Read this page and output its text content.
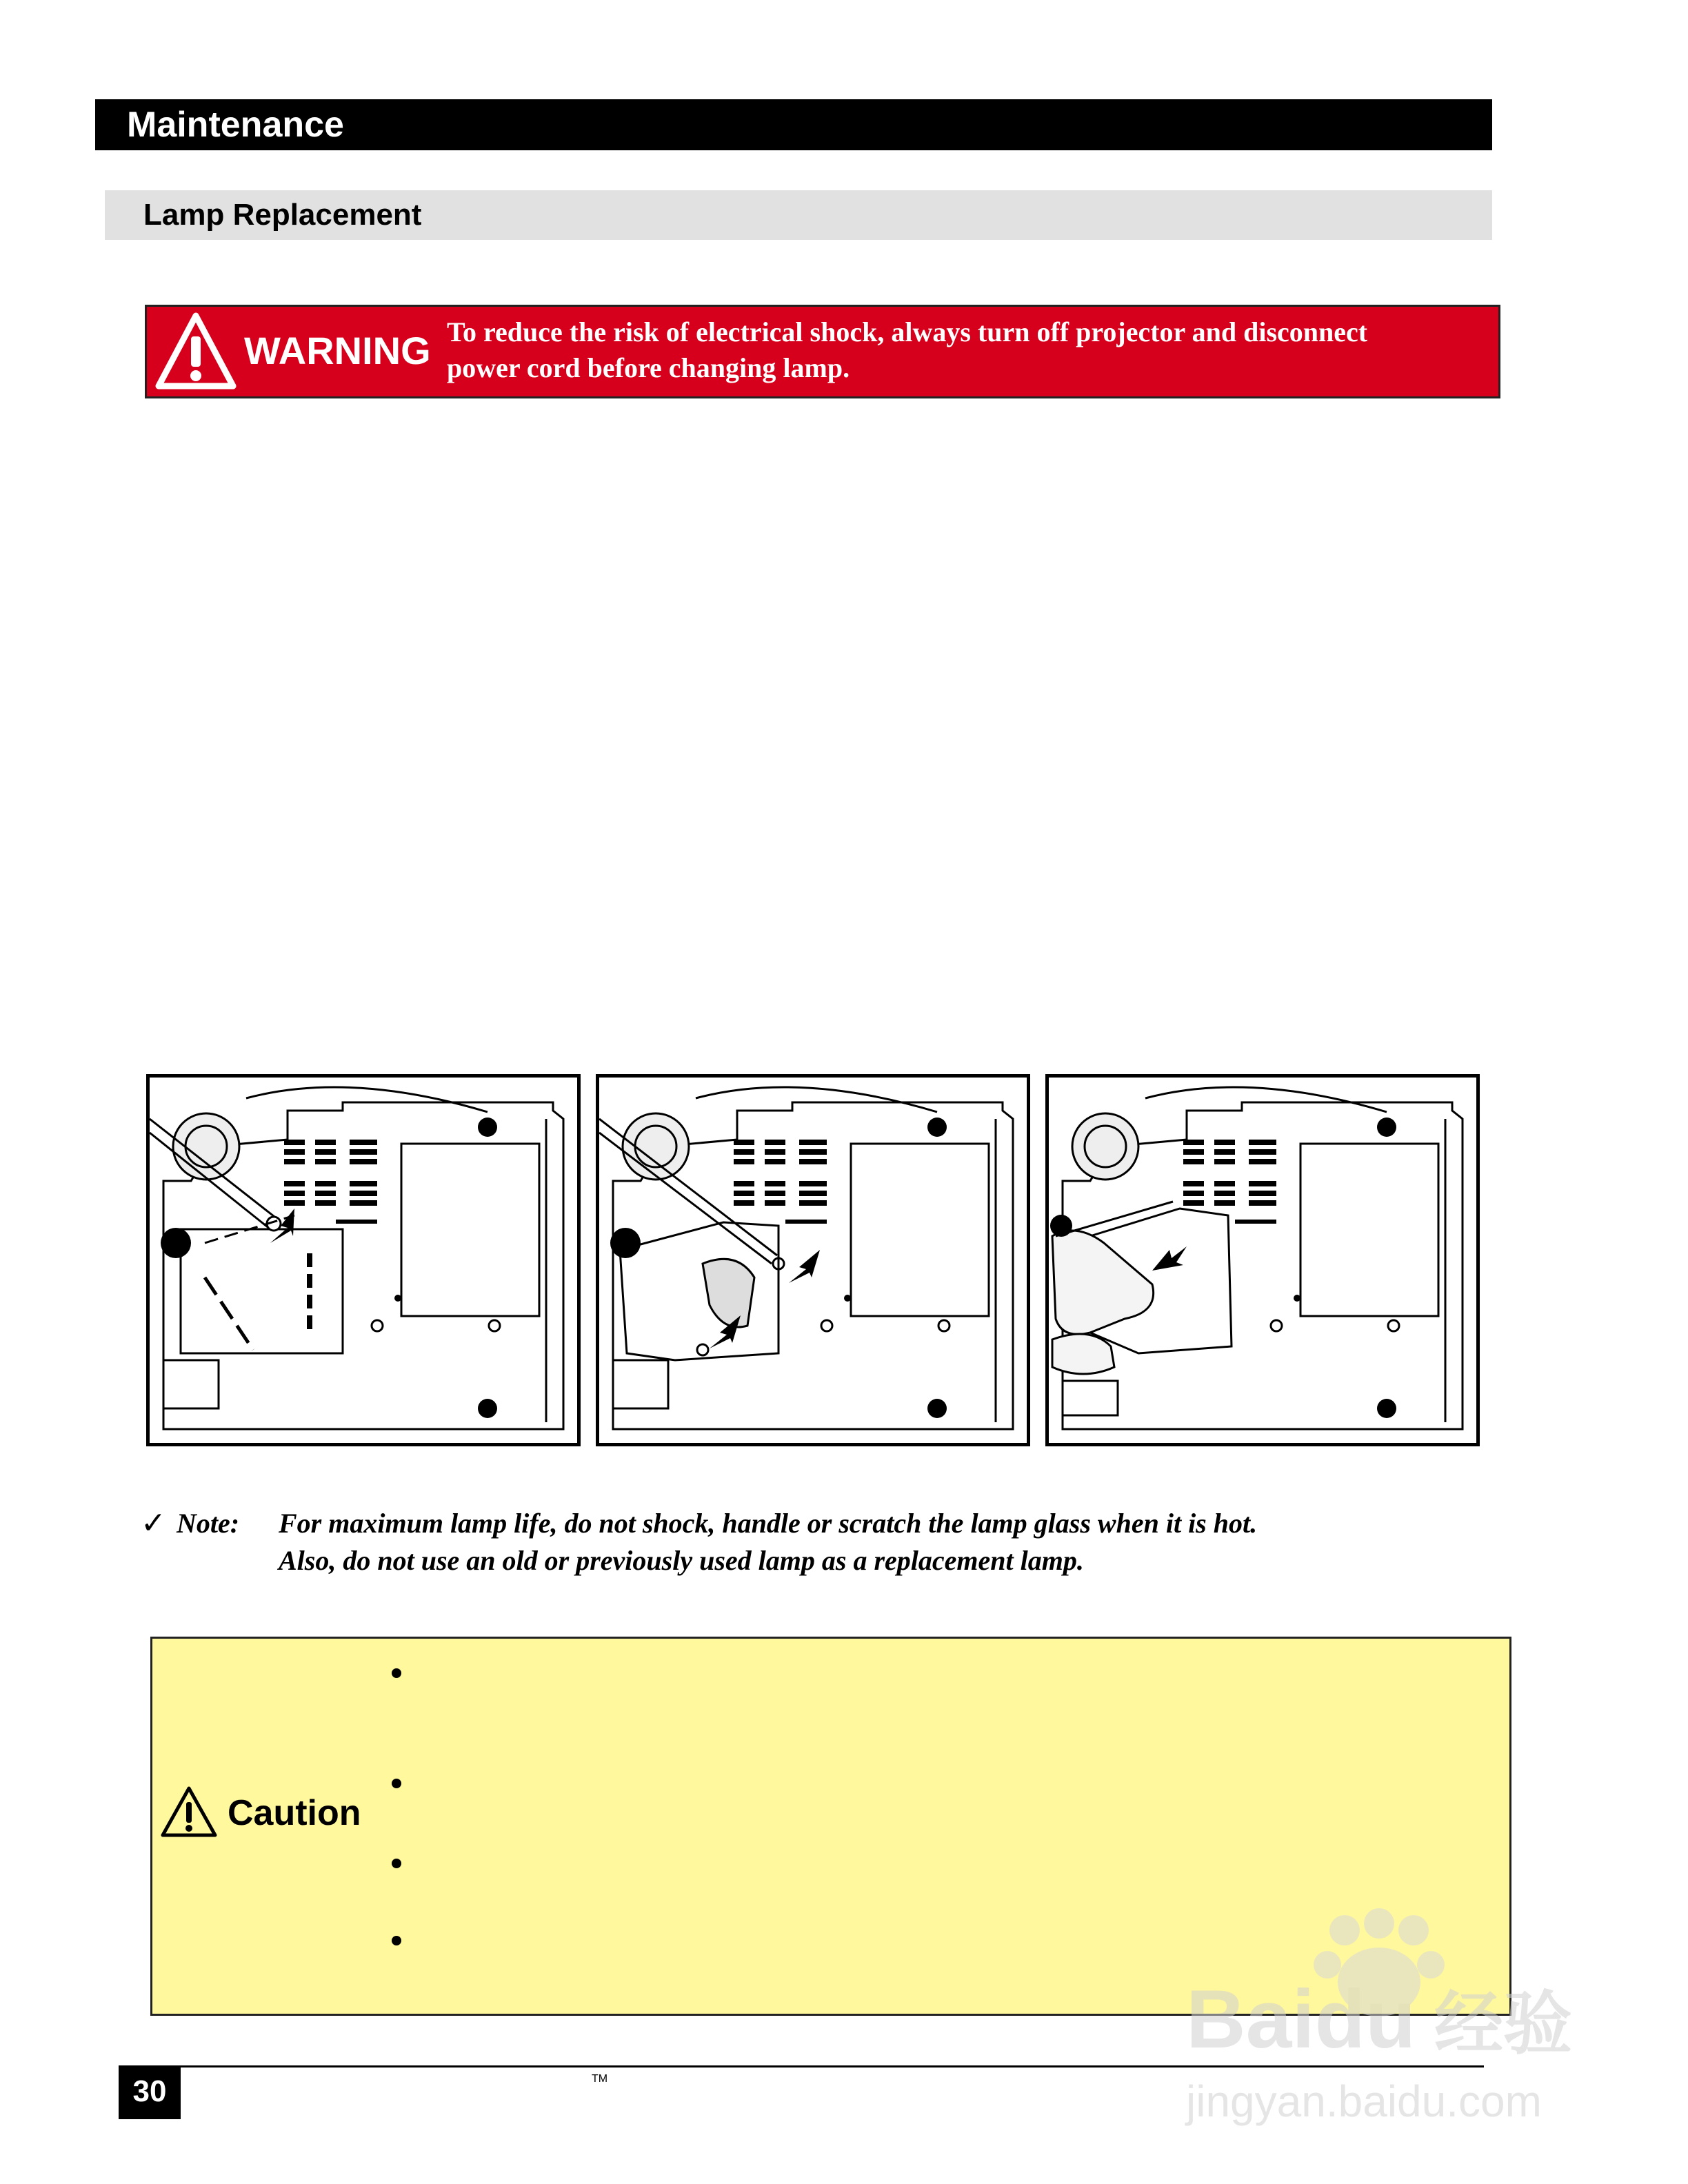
Maintenance
Lamp Replacement
WARNING To reduce the risk of electrical shock, always turn off projector and disconnect
power cord before changing lamp.
✓ Note: For maximum lamp life, do not shock, handle or scratch the lamp glass when it is hot.
Also, do not use an old or previously used lamp as a replacement lamp.
Caution
30	TM
Baidu 经验
jingyan.baidu.com
